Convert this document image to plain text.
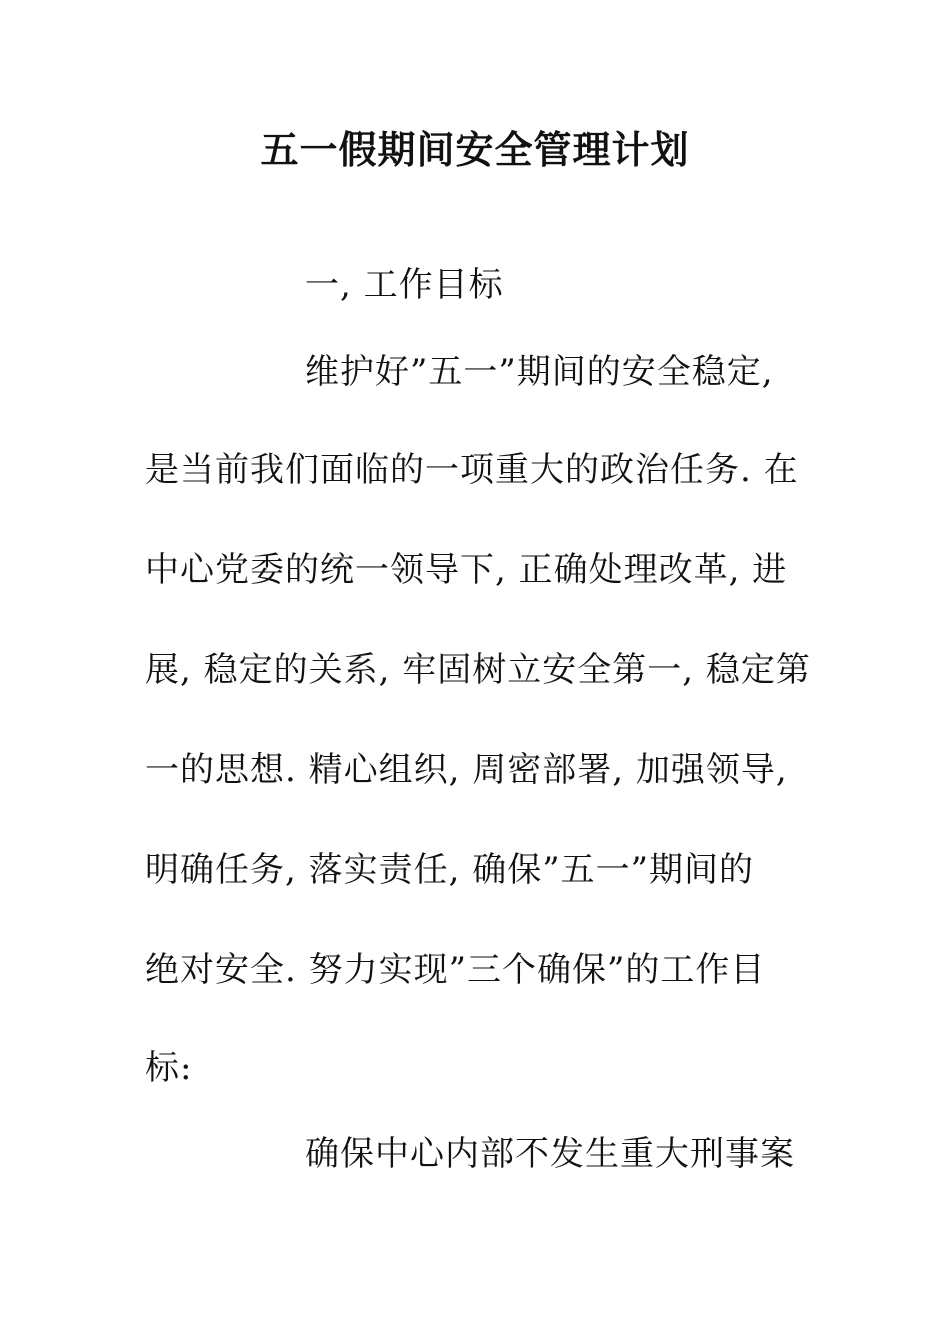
五一假期间安全管理计划
一, 工作目标
维护好”五一”期间的安全稳定,
是当前我们面临的一项重大的政治任务. 在
中心党委的统一领导下, 正确处理改革, 进
展, 稳定的关系, 牢固树立安全第一, 稳定第
一的思想. 精心组织, 周密部署, 加强领导,
明确任务, 落实责任, 确保”五一”期间的
绝对安全. 努力实现”三个确保”的工作目
标:
确保中心内部不发生重大刑事案
